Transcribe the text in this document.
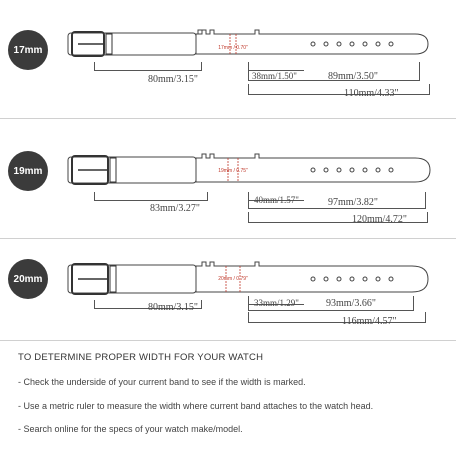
17mm	17mm / 0.70"
80mm/3.15"	38mm/1.50"	89mm/3.50"
110mm/4.33"
19mm	19mm / 0.75"
83mm/3.27"
40mm/1.57"	97mm/3.82"
120mm/4.72"
20mm	20mm / 0.79"
80mm/3.15"	33mm/1.29"	93mm/3.66"
116mm/4.57"
TO DETERMINE PROPER WIDTH FOR YOUR WATCH
- Check the underside of your current band to see if the width is marked.
- Use a metric ruler to measure the width where current band attaches to the watch head.
- Search online for the specs of your watch make/model.
